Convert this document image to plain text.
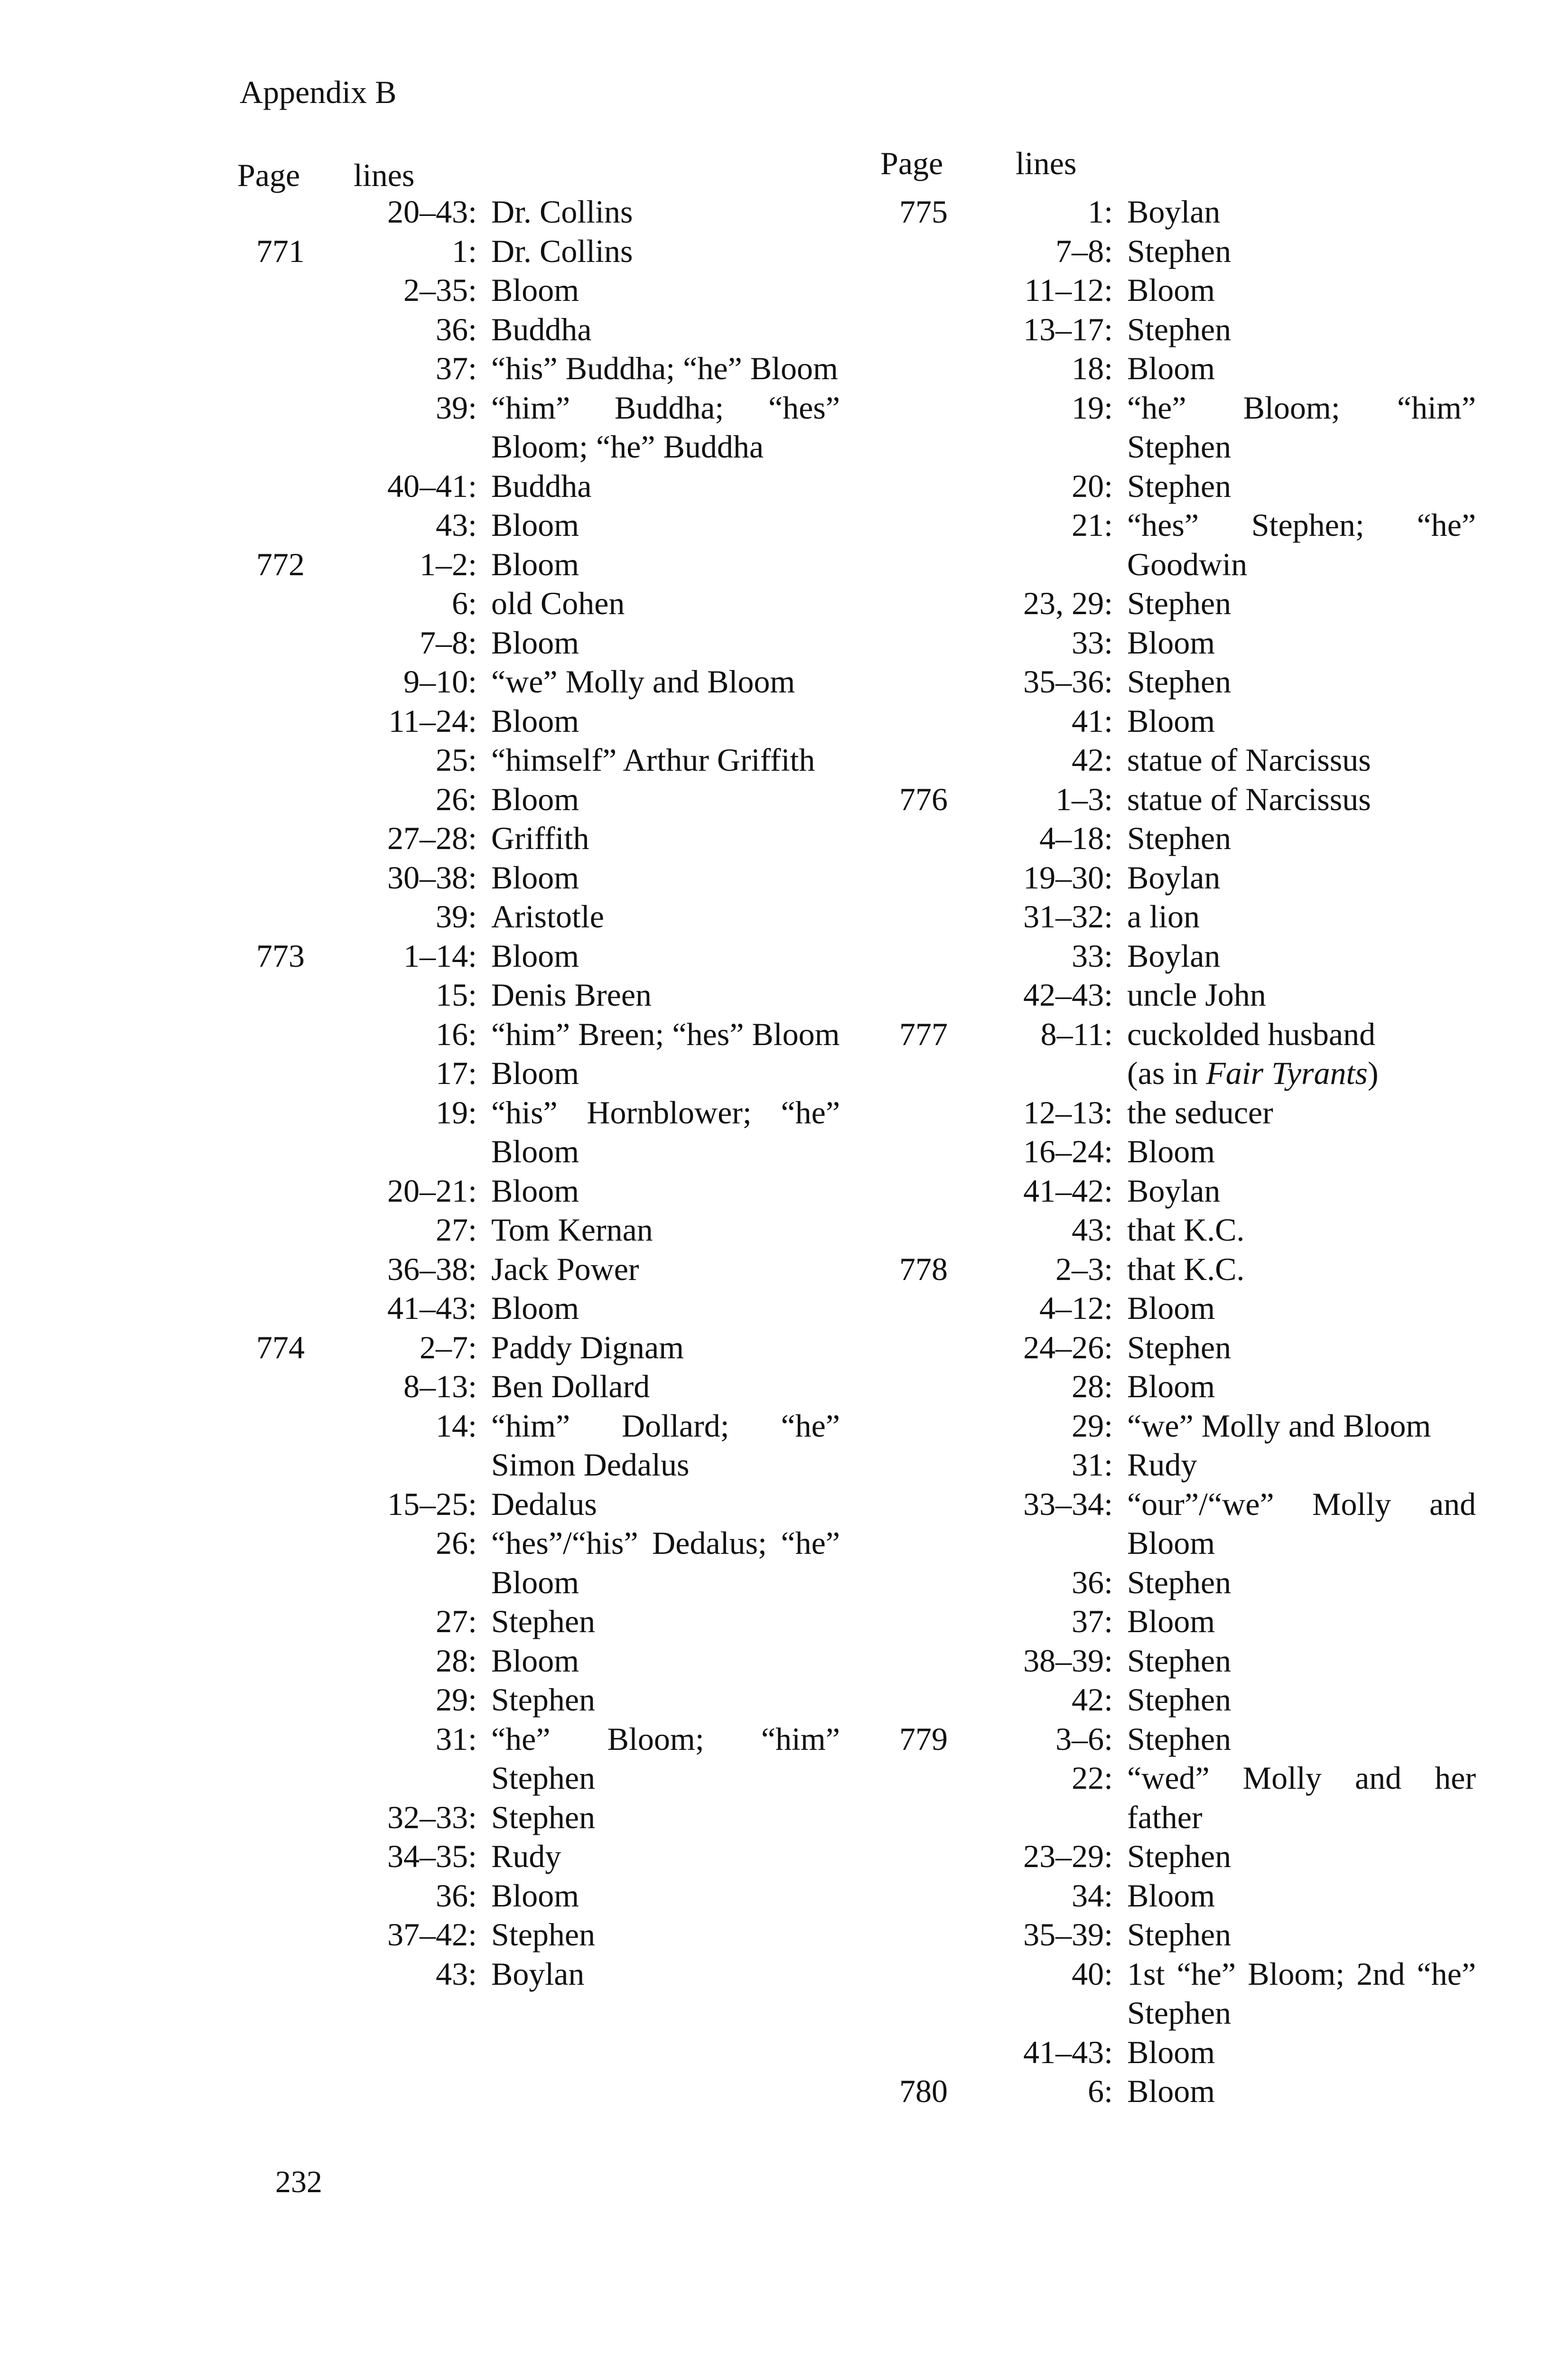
Appendix B
Page lines
20–43: Dr. Collins
771	1: Dr. Collins
2–35: Bloom
36: Buddha
37: “his” Buddha; “he” Bloom
39: “him” Buddha; “hes” Bloom; “he” Buddha
40–41: Buddha
43: Bloom
772	1–2: Bloom
6: old Cohen
7–8: Bloom
9–10: “we” Molly and Bloom
11–24: Bloom
25: “himself” Arthur Griffith
26: Bloom
27–28: Griffith
30–38: Bloom
39: Aristotle
773	1–14: Bloom
15: Denis Breen
16: “him” Breen; “hes” Bloom
17: Bloom
19: “his” Hornblower; “he” Bloom
20–21: Bloom
27: Tom Kernan
36–38: Jack Power
41–43: Bloom
774	2–7: Paddy Dignam
8–13: Ben Dollard
14: “him” Dollard; “he” Simon Dedalus
15–25: Dedalus
26: “hes”/“his” Dedalus; “he” Bloom
27: Stephen
28: Bloom
29: Stephen
31: “he” Bloom; “him” Stephen
32–33: Stephen
34–35: Rudy
36: Bloom
37–42: Stephen
43: Boylan
Page lines
775	1: Boylan
7–8: Stephen
11–12: Bloom
13–17: Stephen
18: Bloom
19: “he” Bloom; “him” Stephen
20: Stephen
21: “hes” Stephen; “he” Goodwin
23, 29: Stephen
33: Bloom
35–36: Stephen
41: Bloom
42: statue of Narcissus
776	1–3: statue of Narcissus
4–18: Stephen
19–30: Boylan
31–32: a lion
33: Boylan
42–43: uncle John
777	8–11: cuckolded husband
(as in Fair Tyrants)
12–13: the seducer
16–24: Bloom
41–42: Boylan
43: that K.C.
778	2–3: that K.C.
4–12: Bloom
24–26: Stephen
28: Bloom
29: “we” Molly and Bloom
31: Rudy
33–34: “our”/“we” Molly and Bloom
36: Stephen
37: Bloom
38–39: Stephen
42: Stephen
779	3–6: Stephen
22: “wed” Molly and her father
23–29: Stephen
34: Bloom
35–39: Stephen
40: 1st “he” Bloom; 2nd “he” Stephen
41–43: Bloom
780	6: Bloom
232
